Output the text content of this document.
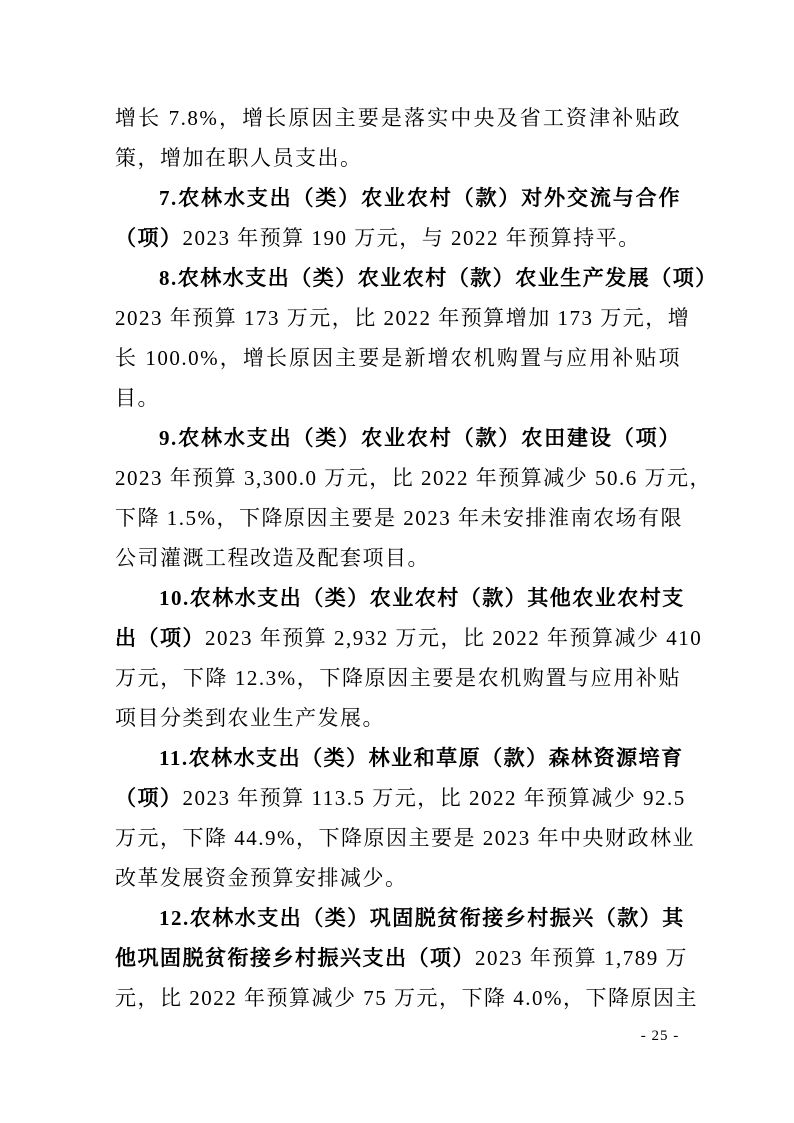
增长 7.8%，增长原因主要是落实中央及省工资津补贴政
策，增加在职人员支出。
7.农林水支出（类）农业农村（款）对外交流与合作
（项）2023 年预算 190 万元，与 2022 年预算持平。
8.农林水支出（类）农业农村（款）农业生产发展（项）
2023 年预算 173 万元，比 2022 年预算增加 173 万元，增
长 100.0%，增长原因主要是新增农机购置与应用补贴项
目。
9.农林水支出（类）农业农村（款）农田建设（项）
2023 年预算 3,300.0 万元，比 2022 年预算减少 50.6 万元，
下降 1.5%，下降原因主要是 2023 年未安排淮南农场有限
公司灌溉工程改造及配套项目。
10.农林水支出（类）农业农村（款）其他农业农村支
出（项）2023 年预算 2,932 万元，比 2022 年预算减少 410
万元，下降 12.3%，下降原因主要是农机购置与应用补贴
项目分类到农业生产发展。
11.农林水支出（类）林业和草原（款）森林资源培育
（项）2023 年预算 113.5 万元，比 2022 年预算减少 92.5
万元，下降 44.9%，下降原因主要是 2023 年中央财政林业
改革发展资金预算安排减少。
12.农林水支出（类）巩固脱贫衔接乡村振兴（款）其
他巩固脱贫衔接乡村振兴支出（项）2023 年预算 1,789 万
元，比 2022 年预算减少 75 万元，下降 4.0%，下降原因主
- 25 -
